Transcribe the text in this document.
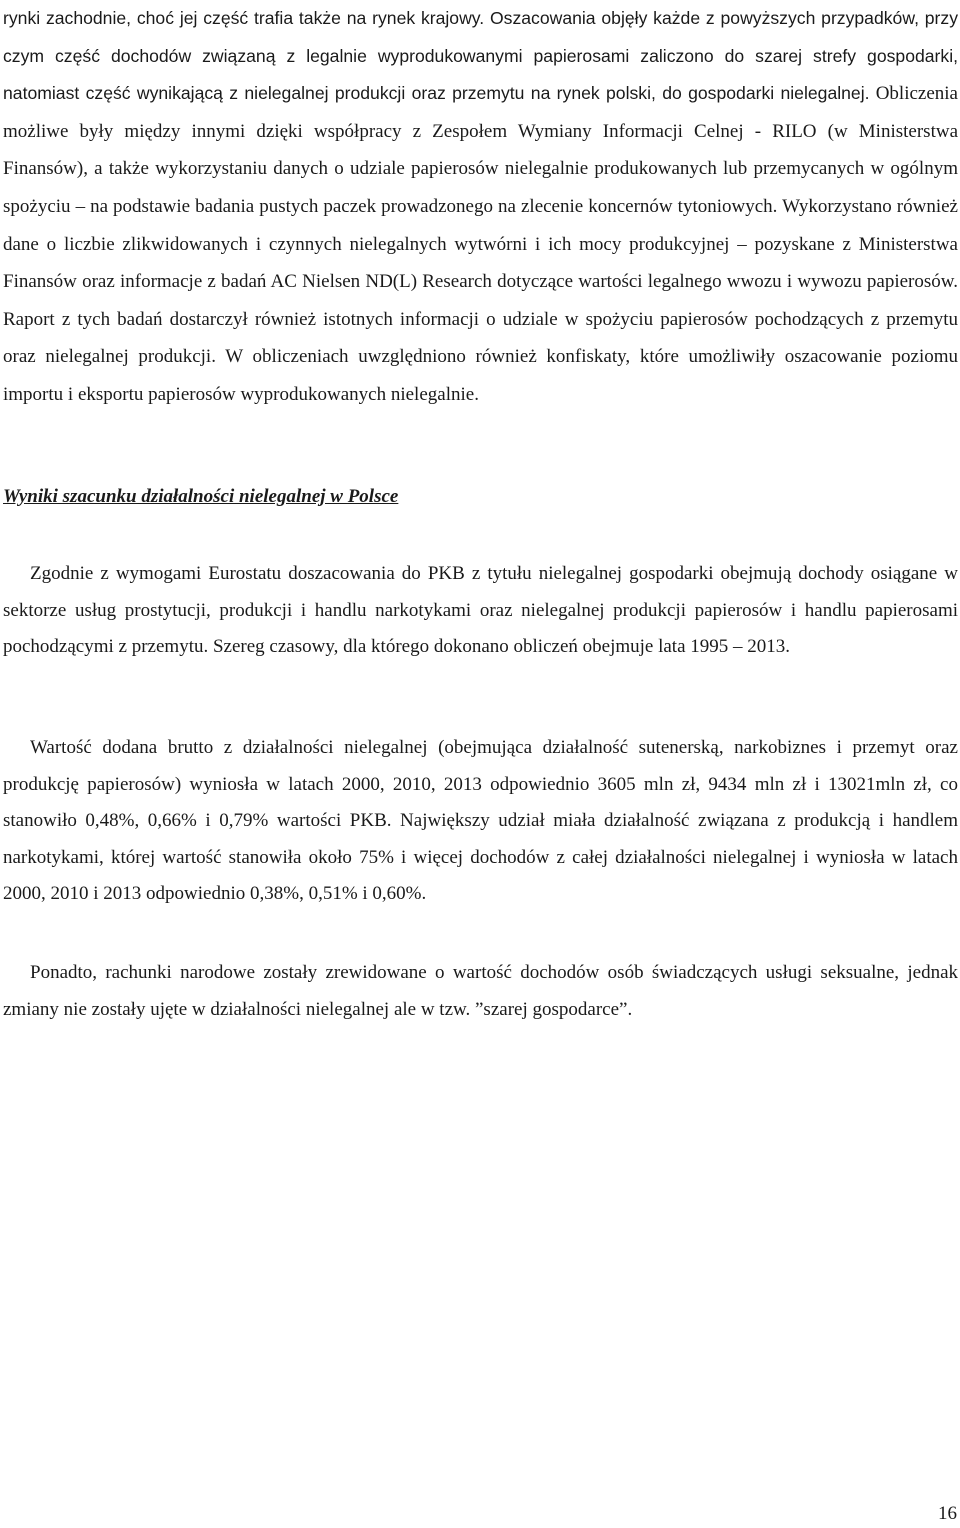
rynki zachodnie, choć jej część trafia także na rynek krajowy. Oszacowania objęły każde z powyższych przypadków, przy czym część dochodów związaną z legalnie wyprodukowanymi papierosami zaliczono do szarej strefy gospodarki, natomiast część wynikającą z nielegalnej produkcji oraz przemytu na rynek polski, do gospodarki nielegalnej. Obliczenia możliwe były między innymi dzięki współpracy z Zespołem Wymiany Informacji Celnej - RILO (w Ministerstwa Finansów), a także wykorzystaniu danych o udziale papierosów nielegalnie produkowanych lub przemycanych w ogólnym spożyciu – na podstawie badania pustych paczek prowadzonego na zlecenie koncernów tytoniowych. Wykorzystano również dane o liczbie zlikwidowanych i czynnych nielegalnych wytwórni i ich mocy produkcyjnej – pozyskane z Ministerstwa Finansów oraz informacje z badań AC Nielsen ND(L) Research dotyczące wartości legalnego wwozu i wywozu papierosów. Raport z tych badań dostarczył również istotnych informacji o udziale w spożyciu papierosów pochodzących z przemytu oraz nielegalnej produkcji. W obliczeniach uwzględniono również konfiskaty, które umożliwiły oszacowanie poziomu importu i eksportu papierosów wyprodukowanych nielegalnie.

Wyniki szacunku działalności nielegalnej w Polsce

Zgodnie z wymogami Eurostatu doszacowania do PKB z tytułu nielegalnej gospodarki obejmują dochody osiągane w sektorze usług prostytucji, produkcji i handlu narkotykami oraz nielegalnej produkcji papierosów i handlu papierosami pochodzącymi z przemytu. Szereg czasowy, dla którego dokonano obliczeń obejmuje lata 1995 – 2013.

Wartość dodana brutto z działalności nielegalnej (obejmująca działalność sutenerską, narkobiznes i przemyt oraz produkcję papierosów) wyniosła w latach 2000, 2010, 2013 odpowiednio 3605 mln zł, 9434 mln zł i 13021mln zł, co stanowiło 0,48%, 0,66% i 0,79% wartości PKB. Największy udział miała działalność związana z produkcją i handlem narkotykami, której wartość stanowiła około 75% i więcej dochodów z całej działalności nielegalnej i wyniosła w latach 2000, 2010 i 2013 odpowiednio 0,38%, 0,51% i 0,60%.

Ponadto, rachunki narodowe zostały zrewidowane o wartość dochodów osób świadczących usługi seksualne, jednak zmiany nie zostały ujęte w działalności nielegalnej ale w tzw. ”szarej gospodarce”.

16
